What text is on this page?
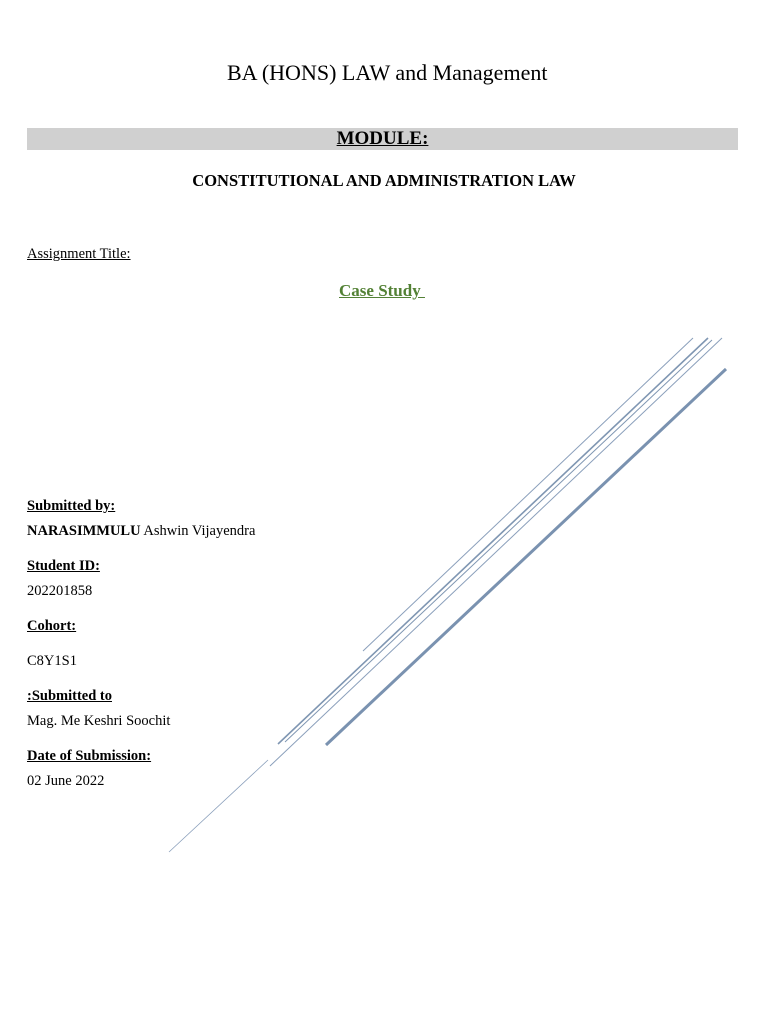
BA (HONS) LAW and Management
MODULE:
CONSTITUTIONAL AND ADMINISTRATION LAW
Assignment Title:
Case Study
Submitted by:
NARASIMMULU Ashwin Vijayendra
Student ID:
202201858
Cohort:
C8Y1S1
:Submitted to
Mag. Me Keshri Soochit
Date of Submission:
02 June 2022
